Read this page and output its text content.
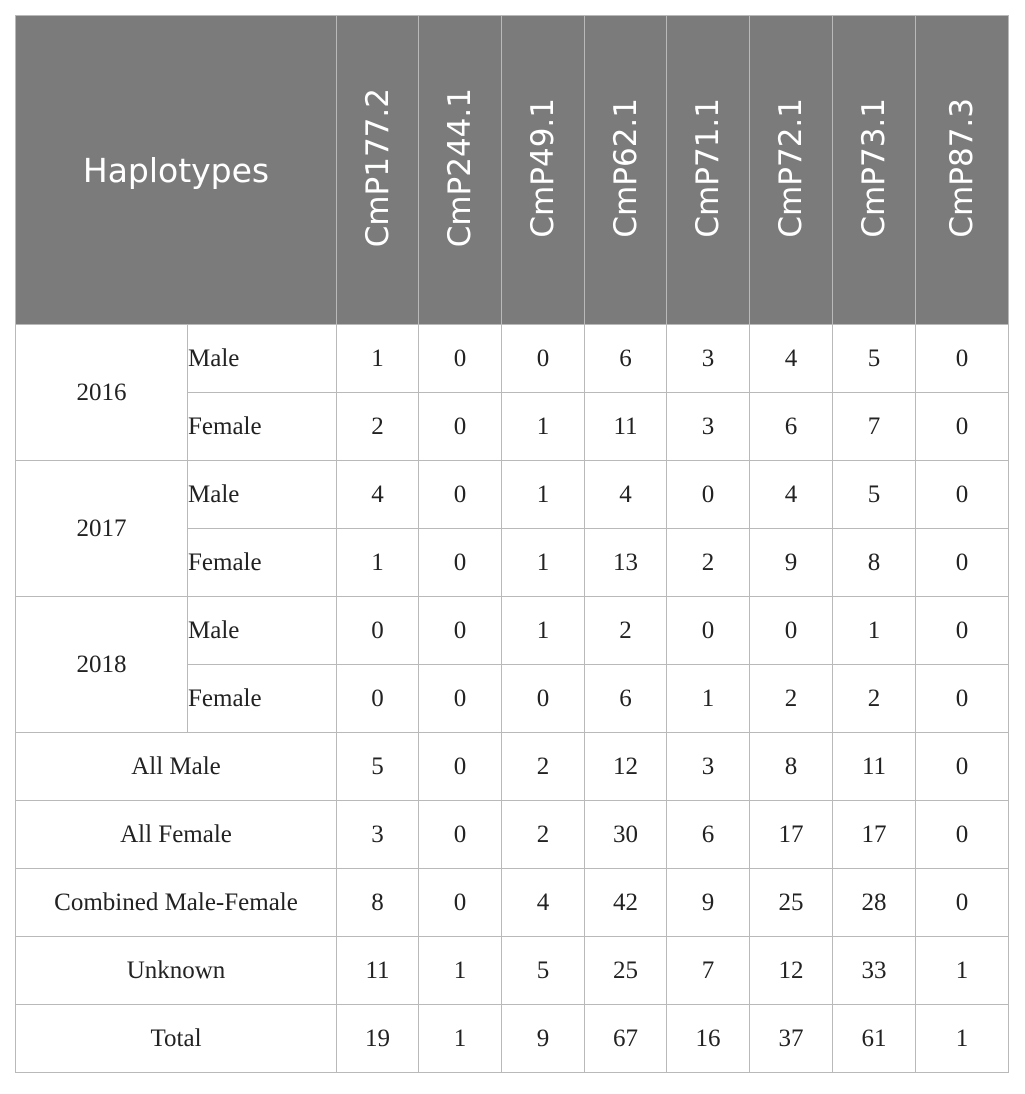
Haplotypes		CmP177.2	CmP244.1	CmP49.1	CmP62.1	CmP71.1	CmP72.1	CmP73.1	CmP87.3
2016	Male	1	0	0	6	3	4	5	0
	Female	2	0	1	11	3	6	7	0
2017	Male	4	0	1	4	0	4	5	0
	Female	1	0	1	13	2	9	8	0
2018	Male	0	0	1	2	0	0	1	0
	Female	0	0	0	6	1	2	2	0
All Male		5	0	2	12	3	8	11	0
All Female		3	0	2	30	6	17	17	0
Combined Male-Female		8	0	4	42	9	25	28	0
Unknown		11	1	5	25	7	12	33	1
Total		19	1	9	67	16	37	61	1
